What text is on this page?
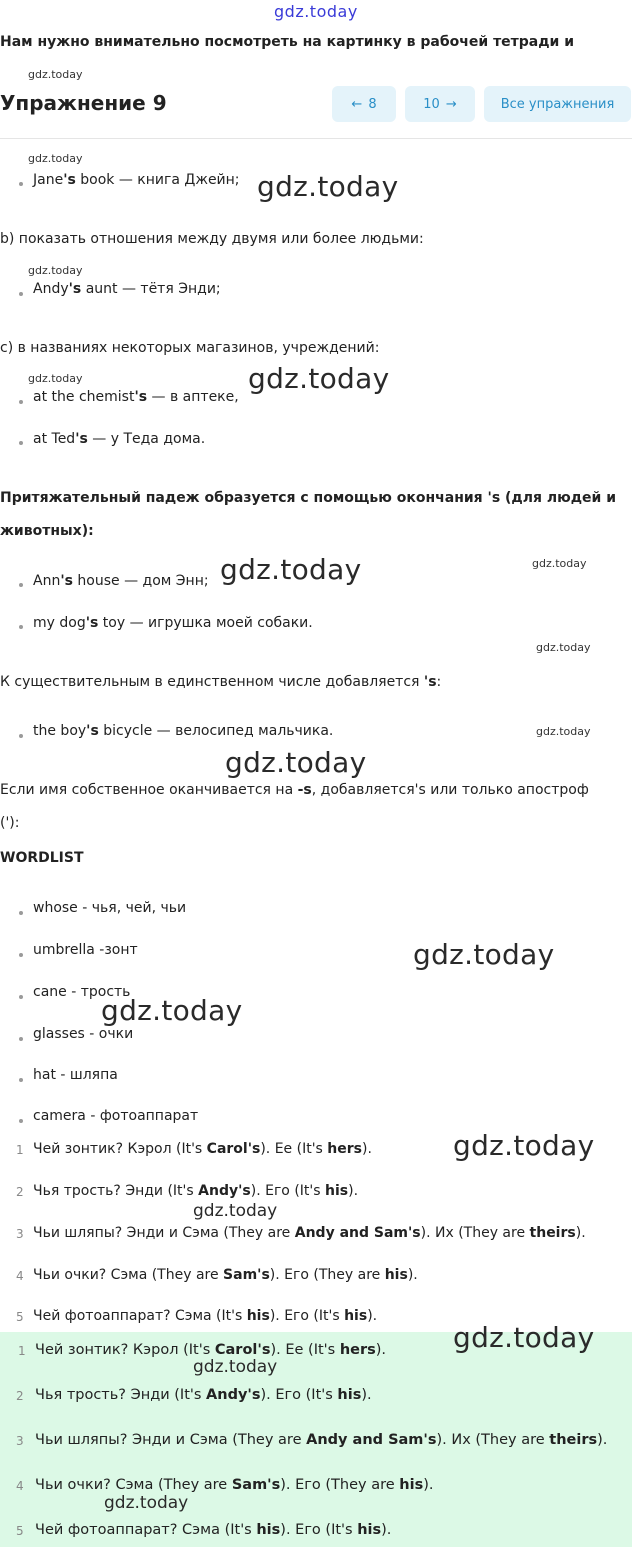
gdz.today
Нам нужно внимательно посмотреть на картинку в рабочей тетради и
gdz.today
Упражнение 9	← 8	10 →	Все упражнения
gdz.today
Jane's book — книга Джейн; gdz.today
b) показать отношения между двумя или более людьми:
gdz.today
Andy's aunt — тётя Энди;
c) в названиях некоторых магазинов, учреждений:
gdz.today
at the chemist's — в аптеке,
gdz.today
at Ted's — у Теда дома.
Притяжательный падеж образуется с помощью окончания 's (для людей и
животных):
Ann's house — дом Энн; gdz.today	gdz.today
my dog's toy — игрушка моей собаки.
gdz.today
К существительным в единственном числе добавляется 's:
the boy's bicycle — велосипед мальчика.	gdz.today
gdz.today
Если имя собственное оканчивается на -s, добавляется's или только апостроф
('):
WORDLIST
whose - чья, чей, чьи
umbrella -зонт	gdz.today
cane - трость
gdz.today
glasses - очки
hat - шляпа
camera - фотоаппарат
1 Чей зонтик? Кэрол (It's Carol's). Ее (It's hers).	gdz.today
2 Чья трость? Энди (It's Andy's). Его (It's his).
gdz.today
3 Чьи шляпы? Энди и Сэма (They are Andy and Sam's). Их (They are theirs).
4 Чьи очки? Сэма (They are Sam's). Его (They are his).
5 Чей фотоаппарат? Сэма (It's his). Его (It's his).
1 Чей зонтик? Кэрол (It's Carol's). Ее (It's hers). gdz.today
gdz.today
2 Чья трость? Энди (It's Andy's). Его (It's his).
3 Чьи шляпы? Энди и Сэма (They are Andy and Sam's). Их (They are theirs).
4 Чьи очки? Сэма (They are Sam's). Его (They are his).
gdz.today
5 Чей фотоаппарат? Сэма (It's his). Его (It's his).
